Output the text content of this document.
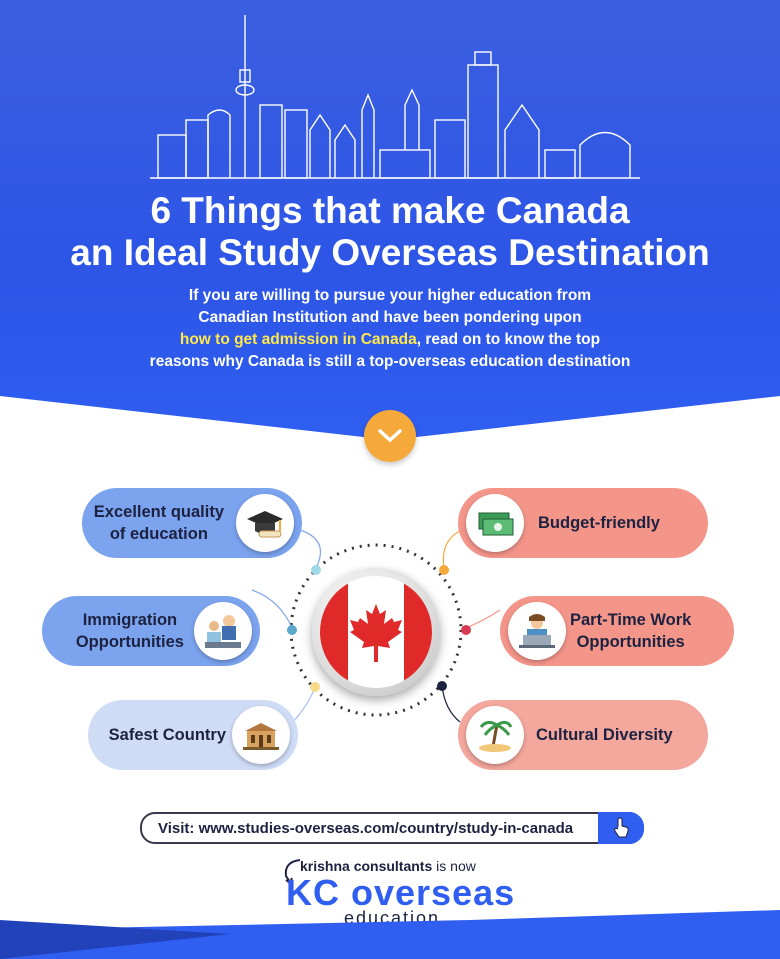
6 Things that make Canada
an Ideal Study Overseas Destination
If you are willing to pursue your higher education from
Canadian Institution and have been pondering upon
how to get admission in Canada, read on to know the top
reasons why Canada is still a top-overseas education destination
Excellent quality
of education
Immigration
Opportunities
Safest Country
Budget-friendly
Part-Time Work
Opportunities
Cultural Diversity
Visit: www.studies-overseas.com/country/study-in-canada
krishna consultants is now
KC overseas
education
